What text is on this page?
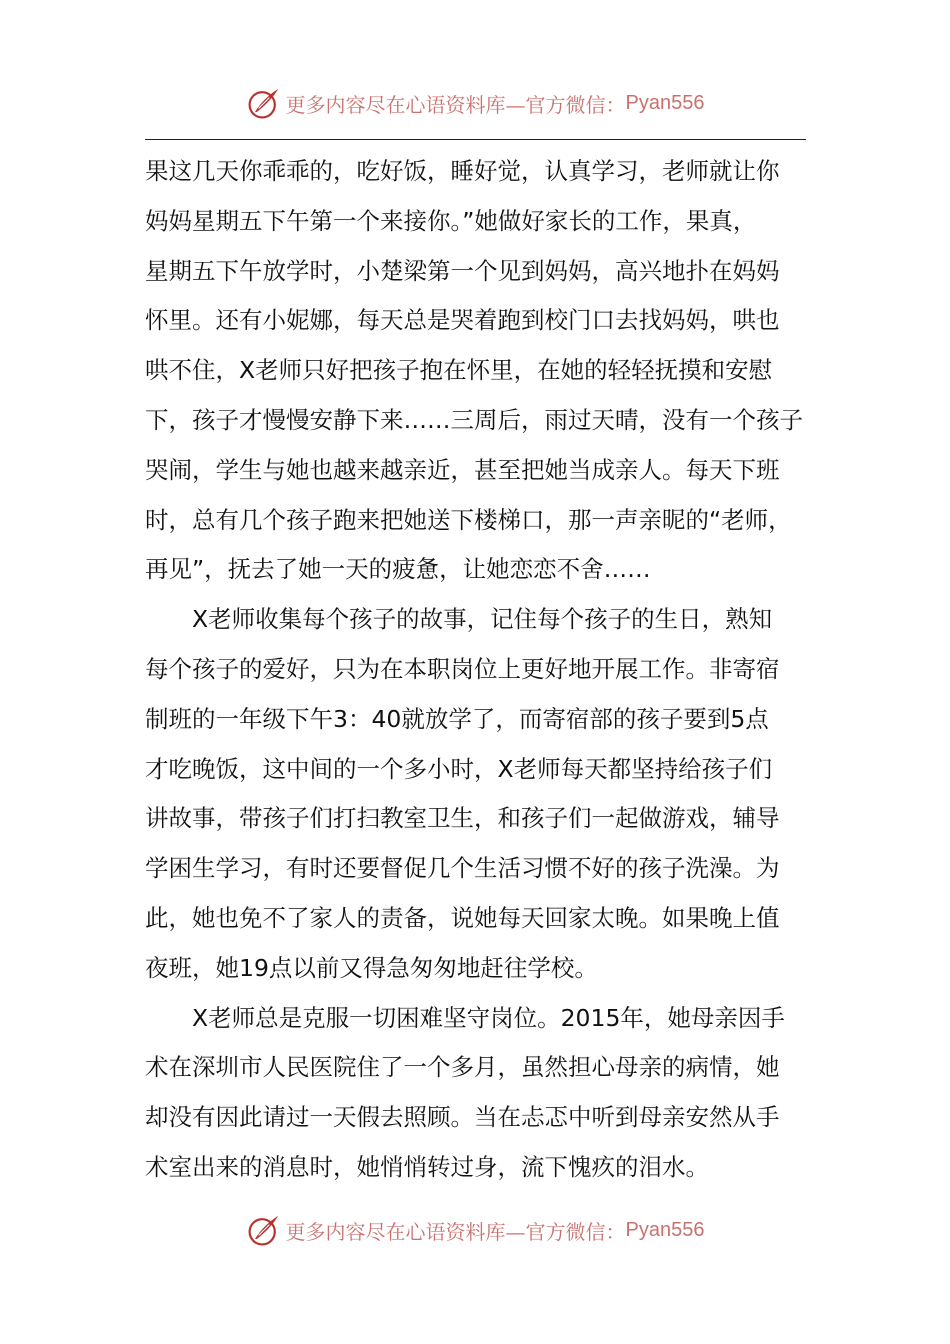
更多内容尽在心语资料库—官方微信： Pyan556
果这几天你乖乖的，吃好饭，睡好觉，认真学习，老师就让你
妈妈星期五下午第一个来接你。”她做好家长的工作，果真，
星期五下午放学时，小楚梁第一个见到妈妈，高兴地扑在妈妈
怀里。还有小妮娜，每天总是哭着跑到校门口去找妈妈，哄也
哄不住，X老师只好把孩子抱在怀里，在她的轻轻抚摸和安慰
下，孩子才慢慢安静下来……三周后，雨过天晴，没有一个孩子
哭闹，学生与她也越来越亲近，甚至把她当成亲人。每天下班
时，总有几个孩子跑来把她送下楼梯口，那一声亲昵的“老师，
再见”，抚去了她一天的疲惫，让她恋恋不舍……
X老师收集每个孩子的故事，记住每个孩子的生日，熟知
每个孩子的爱好，只为在本职岗位上更好地开展工作。非寄宿
制班的一年级下午3：40就放学了，而寄宿部的孩子要到5点
才吃晚饭，这中间的一个多小时，X老师每天都坚持给孩子们
讲故事，带孩子们打扫教室卫生，和孩子们一起做游戏，辅导
学困生学习，有时还要督促几个生活习惯不好的孩子洗澡。为
此，她也免不了家人的责备，说她每天回家太晚。如果晚上值
夜班，她19点以前又得急匆匆地赶往学校。
X老师总是克服一切困难坚守岗位。2015年，她母亲因手
术在深圳市人民医院住了一个多月，虽然担心母亲的病情，她
却没有因此请过一天假去照顾。当在忐忑中听到母亲安然从手
术室出来的消息时，她悄悄转过身，流下愧疚的泪水。
更多内容尽在心语资料库—官方微信： Pyan556
